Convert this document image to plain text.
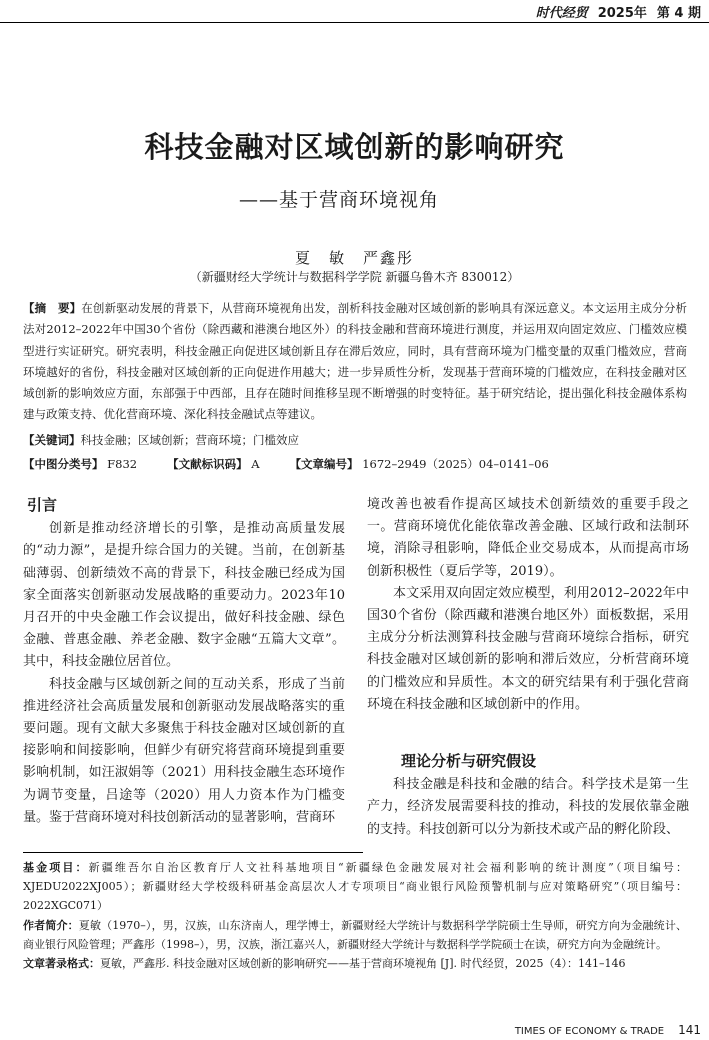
时代经贸 2025年 第 4 期
科技金融对区域创新的影响研究
——基于营商环境视角
夏　敏　严鑫彤
（新疆财经大学统计与数据科学学院 新疆乌鲁木齐 830012）
【摘　要】在创新驱动发展的背景下，从营商环境视角出发，剖析科技金融对区域创新的影响具有深远意义。本文运用主成分分析法对2012–2022年中国30个省份（除西藏和港澳台地区外）的科技金融和营商环境进行测度，并运用双向固定效应、门槛效应模型进行实证研究。研究表明，科技金融正向促进区域创新且存在滞后效应，同时，具有营商环境为门槛变量的双重门槛效应，营商环境越好的省份，科技金融对区域创新的正向促进作用越大；进一步异质性分析，发现基于营商环境的门槛效应，在科技金融对区域创新的影响效应方面，东部强于中西部，且存在随时间推移呈现不断增强的时变特征。基于研究结论，提出强化科技金融体系构建与政策支持、优化营商环境、深化科技金融试点等建议。
【关键词】科技金融；区域创新；营商环境；门槛效应
【中图分类号】 F832	【文献标识码】 A	【文章编号】 1672–2949（2025）04–0141–06
引言

创新是推动经济增长的引擎，是推动高质量发展的“动力源”，是提升综合国力的关键。当前，在创新基础薄弱、创新绩效不高的背景下，科技金融已经成为国家全面落实创新驱动发展战略的重要动力。2023年10月召开的中央金融工作会议提出，做好科技金融、绿色金融、普惠金融、养老金融、数字金融“五篇大文章”。其中，科技金融位居首位。

科技金融与区域创新之间的互动关系，形成了当前推进经济社会高质量发展和创新驱动发展战略落实的重要问题。现有文献大多聚焦于科技金融对区域创新的直接影响和间接影响，但鲜少有研究将营商环境提到重要影响机制，如汪淑娟等（2021）用科技金融生态环境作为调节变量，吕途等（2020）用人力资本作为门槛变量。鉴于营商环境对科技创新活动的显著影响，营商环

境改善也被看作提高区域技术创新绩效的重要手段之一。营商环境优化能依靠改善金融、区域行政和法制环境，消除寻租影响，降低企业交易成本，从而提高市场创新积极性（夏后学等，2019）。

本文采用双向固定效应模型，利用2012–2022年中国30个省份（除西藏和港澳台地区外）面板数据，采用主成分分析法测算科技金融与营商环境综合指标，研究科技金融对区域创新的影响和滞后效应，分析营商环境的门槛效应和异质性。本文的研究结果有利于强化营商环境在科技金融和区域创新中的作用。

理论分析与研究假设

科技金融是科技和金融的结合。科学技术是第一生产力，经济发展需要科技的推动，科技的发展依靠金融的支持。科技创新可以分为新技术或产品的孵化阶段、

基金项目：新疆维吾尔自治区教育厅人文社科基地项目“新疆绿色金融发展对社会福利影响的统计测度”（项目编号：XJEDU2022XJ005）；新疆财经大学校级科研基金高层次人才专项项目“商业银行风险预警机制与应对策略研究”（项目编号：2022XGC071）

作者简介：夏敏（1970–），男，汉族，山东济南人，理学博士，新疆财经大学统计与数据科学学院硕士生导师，研究方向为金融统计、商业银行风险管理；严鑫彤（1998–），男，汉族，浙江嘉兴人，新疆财经大学统计与数据科学学院硕士在读，研究方向为金融统计。

文章著录格式：夏敏，严鑫彤. 科技金融对区域创新的影响研究——基于营商环境视角 [J]. 时代经贸，2025（4）：141–146

TIMES OF ECONOMY & TRADE 141
